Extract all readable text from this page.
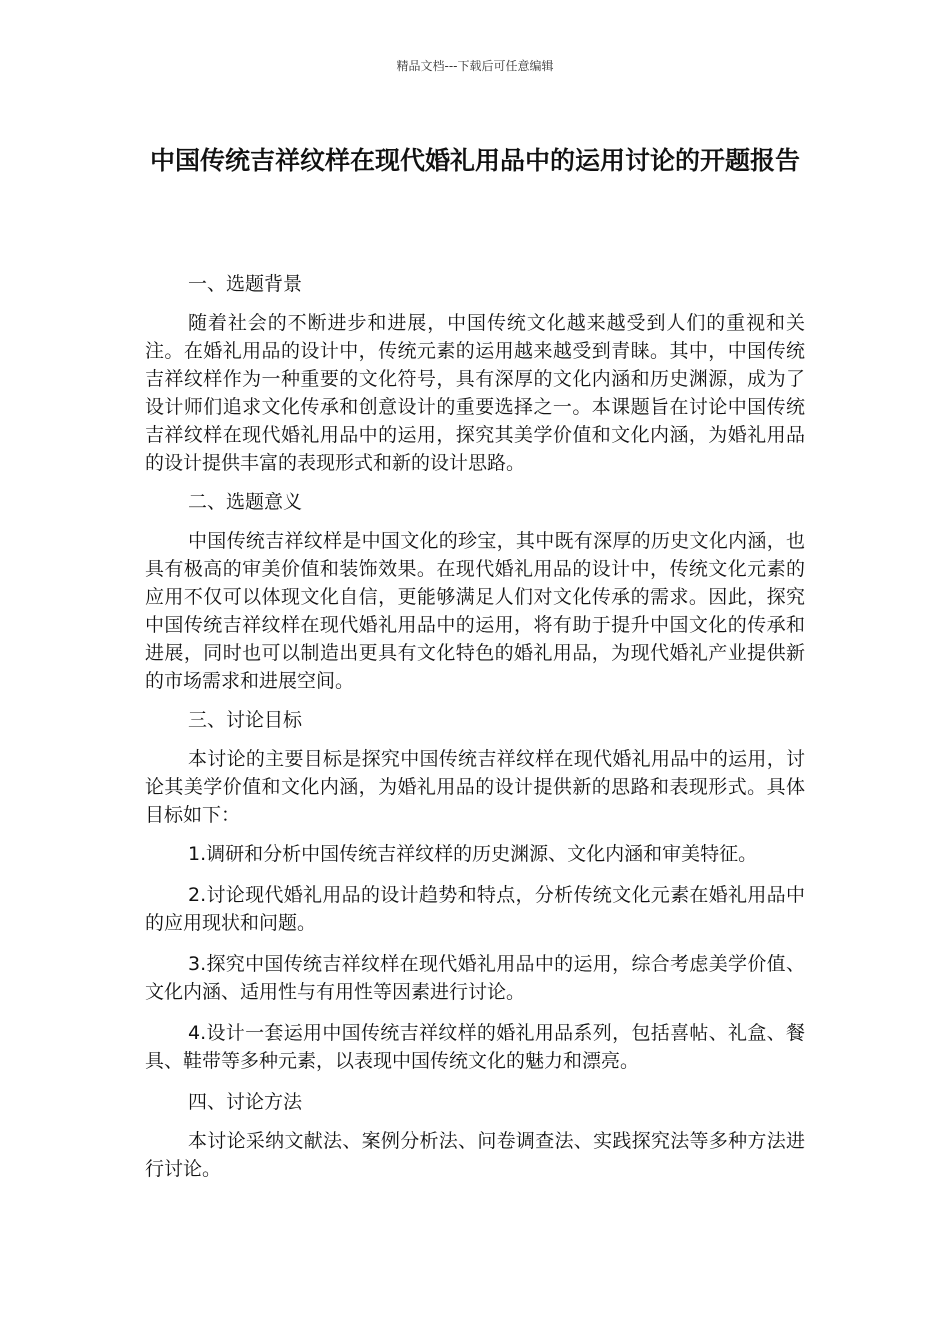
精品文档---下载后可任意编辑
中国传统吉祥纹样在现代婚礼用品中的运用讨论的开题报告

一、选题背景

随着社会的不断进步和进展，中国传统文化越来越受到人们的重视和关注。在婚礼用品的设计中，传统元素的运用越来越受到青睐。其中，中国传统吉祥纹样作为一种重要的文化符号，具有深厚的文化内涵和历史渊源，成为了设计师们追求文化传承和创意设计的重要选择之一。本课题旨在讨论中国传统吉祥纹样在现代婚礼用品中的运用，探究其美学价值和文化内涵，为婚礼用品的设计提供丰富的表现形式和新的设计思路。

二、选题意义

中国传统吉祥纹样是中国文化的珍宝，其中既有深厚的历史文化内涵，也具有极高的审美价值和装饰效果。在现代婚礼用品的设计中，传统文化元素的应用不仅可以体现文化自信，更能够满足人们对文化传承的需求。因此，探究中国传统吉祥纹样在现代婚礼用品中的运用，将有助于提升中国文化的传承和进展，同时也可以制造出更具有文化特色的婚礼用品，为现代婚礼产业提供新的市场需求和进展空间。

三、讨论目标

本讨论的主要目标是探究中国传统吉祥纹样在现代婚礼用品中的运用，讨论其美学价值和文化内涵，为婚礼用品的设计提供新的思路和表现形式。具体目标如下：

1.调研和分析中国传统吉祥纹样的历史渊源、文化内涵和审美特征。

2.讨论现代婚礼用品的设计趋势和特点，分析传统文化元素在婚礼用品中的应用现状和问题。

3.探究中国传统吉祥纹样在现代婚礼用品中的运用，综合考虑美学价值、文化内涵、适用性与有用性等因素进行讨论。

4.设计一套运用中国传统吉祥纹样的婚礼用品系列，包括喜帖、礼盒、餐具、鞋带等多种元素，以表现中国传统文化的魅力和漂亮。

四、讨论方法

本讨论采纳文献法、案例分析法、问卷调查法、实践探究法等多种方法进行讨论。
